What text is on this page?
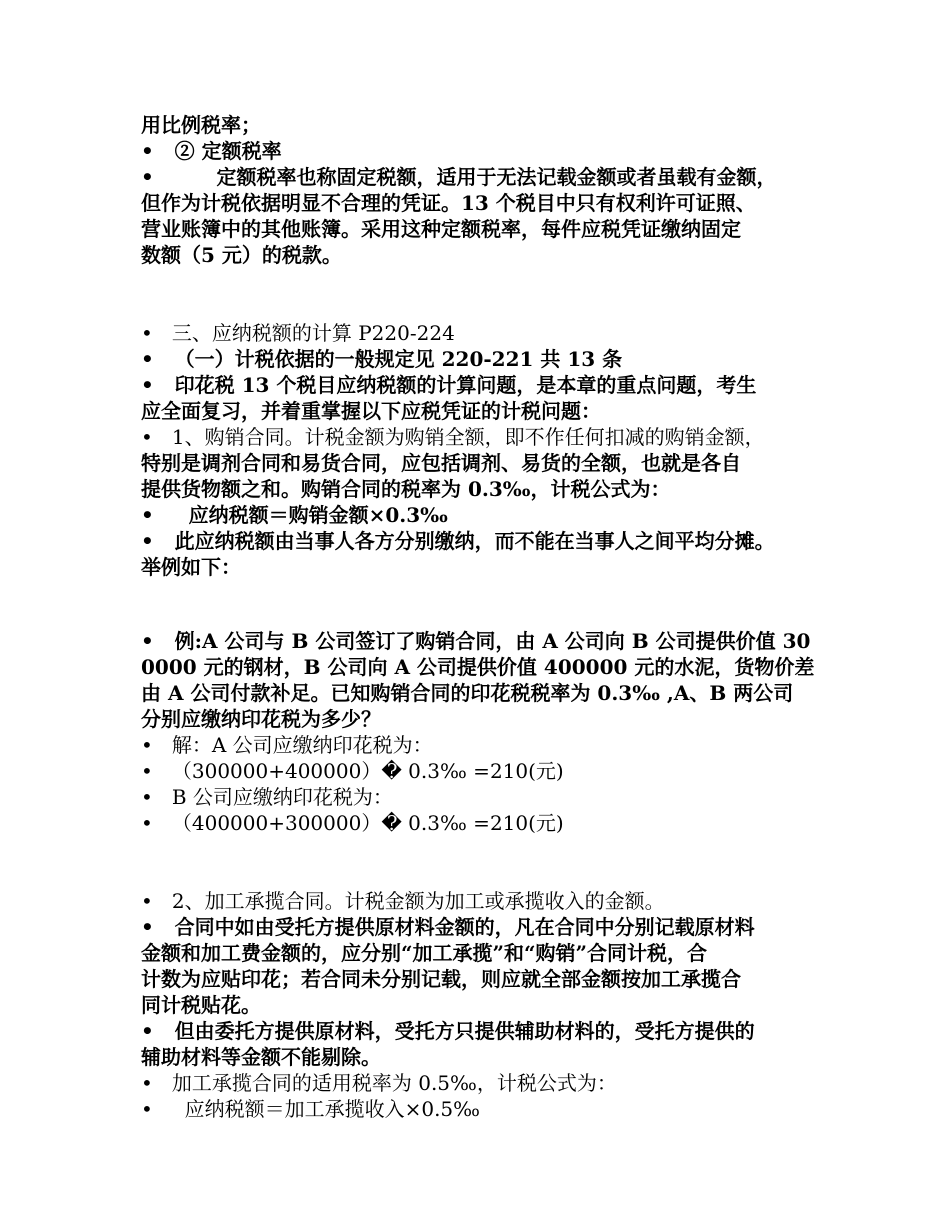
用比例税率；
•   ② 定额税率
•         定额税率也称固定税额，适用于无法记载金额或者虽载有金额，
但作为计税依据明显不合理的凭证。13 个税目中只有权利许可证照、
营业账簿中的其他账簿。采用这种定额税率，每件应税凭证缴纳固定
数额（5 元）的税款。
•   三、应纳税额的计算 P220-224
•   （一）计税依据的一般规定见 220-221 共 13 条
•   印花税 13 个税目应纳税额的计算问题，是本章的重点问题，考生
应全面复习，并着重掌握以下应税凭证的计税问题：
•   1、购销合同。计税金额为购销全额，即不作任何扣减的购销金额，
特别是调剂合同和易货合同，应包括调剂、易货的全额，也就是各自
提供货物额之和。购销合同的税率为 0.3‰，计税公式为：
•     应纳税额＝购销金额×0.3‰
•   此应纳税额由当事人各方分别缴纳，而不能在当事人之间平均分摊。
举例如下：
•   例:A 公司与 B 公司签订了购销合同，由 A 公司向 B 公司提供价值 30
0000 元的钢材，B 公司向 A 公司提供价值 400000 元的水泥，货物价差
由 A 公司付款补足。已知购销合同的印花税税率为 0.3‰ ,A、B 两公司
分别应缴纳印花税为多少？
•   解：A 公司应缴纳印花税为：
•   （300000+400000）� 0.3‰ =210(元)
•   B 公司应缴纳印花税为：
•   （400000+300000）� 0.3‰ =210(元)
•   2、加工承揽合同。计税金额为加工或承揽收入的金额。
•   合同中如由受托方提供原材料金额的，凡在合同中分别记载原材料
金额和加工费金额的，应分别“加工承揽”和“购销”合同计税，合
计数为应贴印花；若合同未分别记载，则应就全部金额按加工承揽合
同计税贴花。
•   但由委托方提供原材料，受托方只提供辅助材料的，受托方提供的
辅助材料等金额不能剔除。
•   加工承揽合同的适用税率为 0.5‰，计税公式为：
•     应纳税额＝加工承揽收入×0.5‰
